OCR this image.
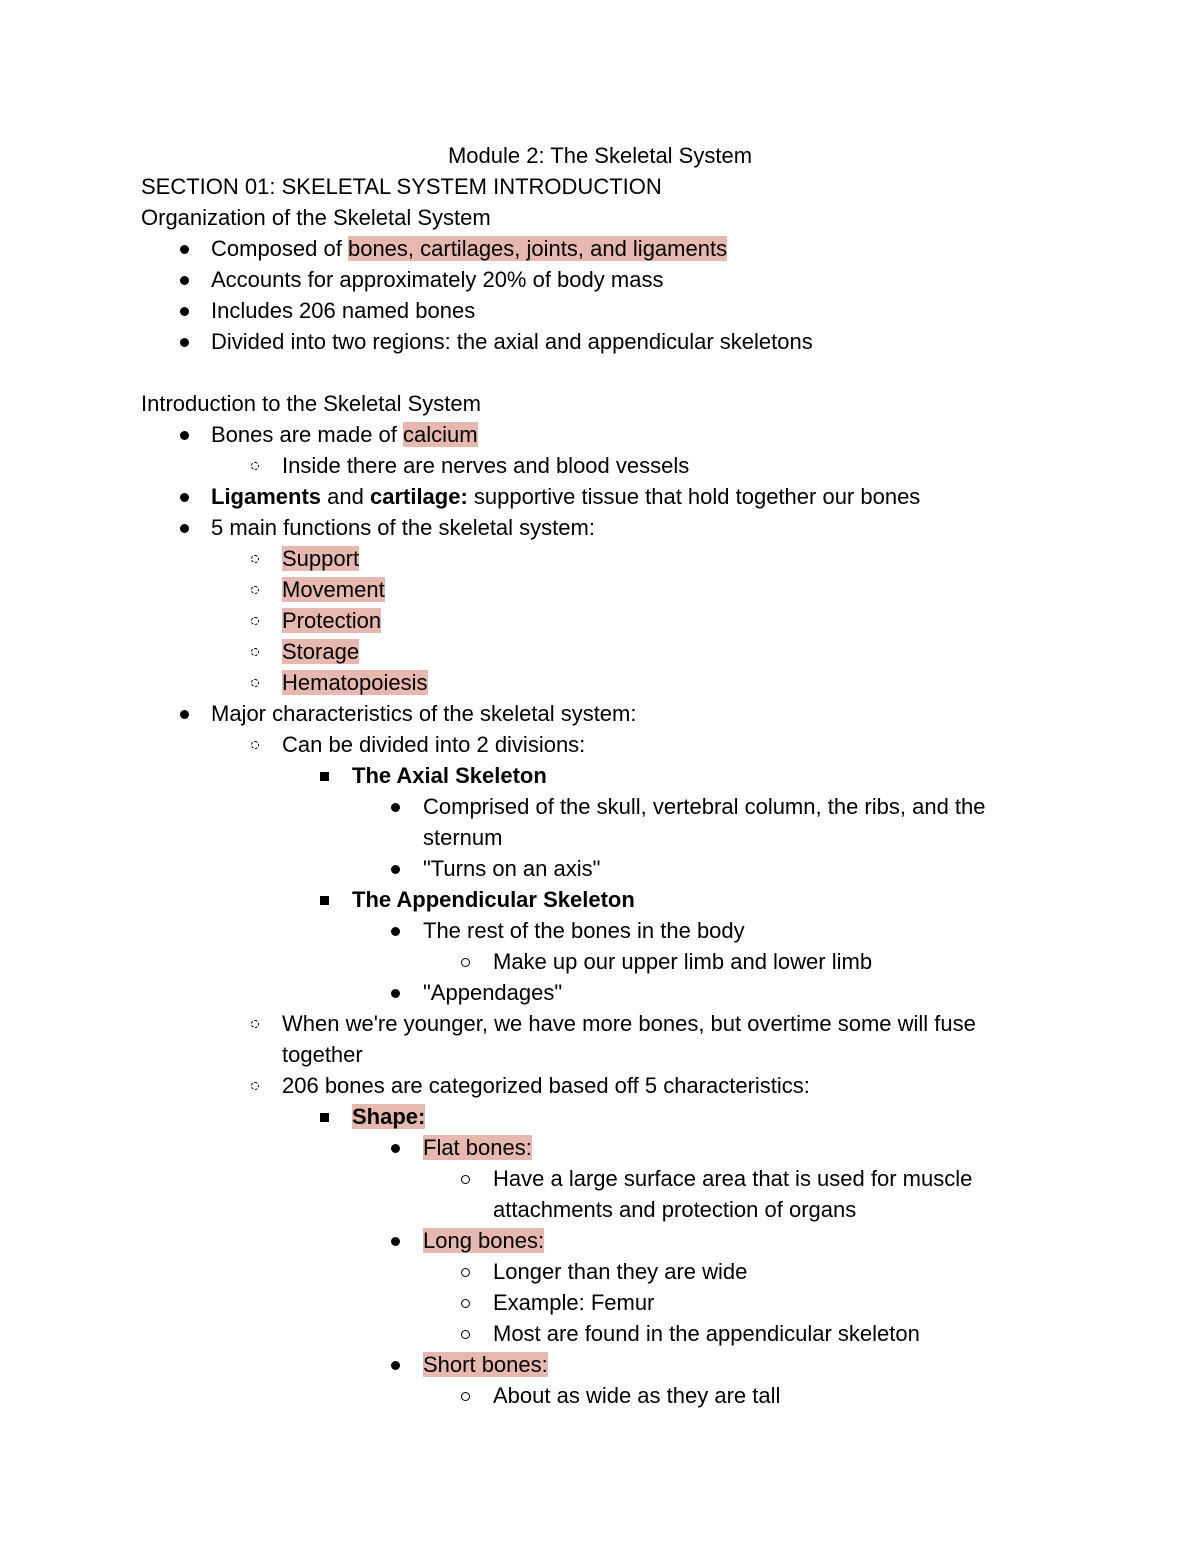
Module 2: The Skeletal System
SECTION 01: SKELETAL SYSTEM INTRODUCTION
Organization of the Skeletal System
Composed of bones, cartilages, joints, and ligaments
Accounts for approximately 20% of body mass
Includes 206 named bones
Divided into two regions: the axial and appendicular skeletons
Introduction to the Skeletal System
Bones are made of calcium
Inside there are nerves and blood vessels
Ligaments and cartilage: supportive tissue that hold together our bones
5 main functions of the skeletal system:
Support
Movement
Protection
Storage
Hematopoiesis
Major characteristics of the skeletal system:
Can be divided into 2 divisions:
The Axial Skeleton
Comprised of the skull, vertebral column, the ribs, and the
sternum
"Turns on an axis"
The Appendicular Skeleton
The rest of the bones in the body
Make up our upper limb and lower limb
"Appendages"
When we're younger, we have more bones, but overtime some will fuse
together
206 bones are categorized based off 5 characteristics:
Shape:
Flat bones:
Have a large surface area that is used for muscle
attachments and protection of organs
Long bones:
Longer than they are wide
Example: Femur
Most are found in the appendicular skeleton
Short bones:
About as wide as they are tall
